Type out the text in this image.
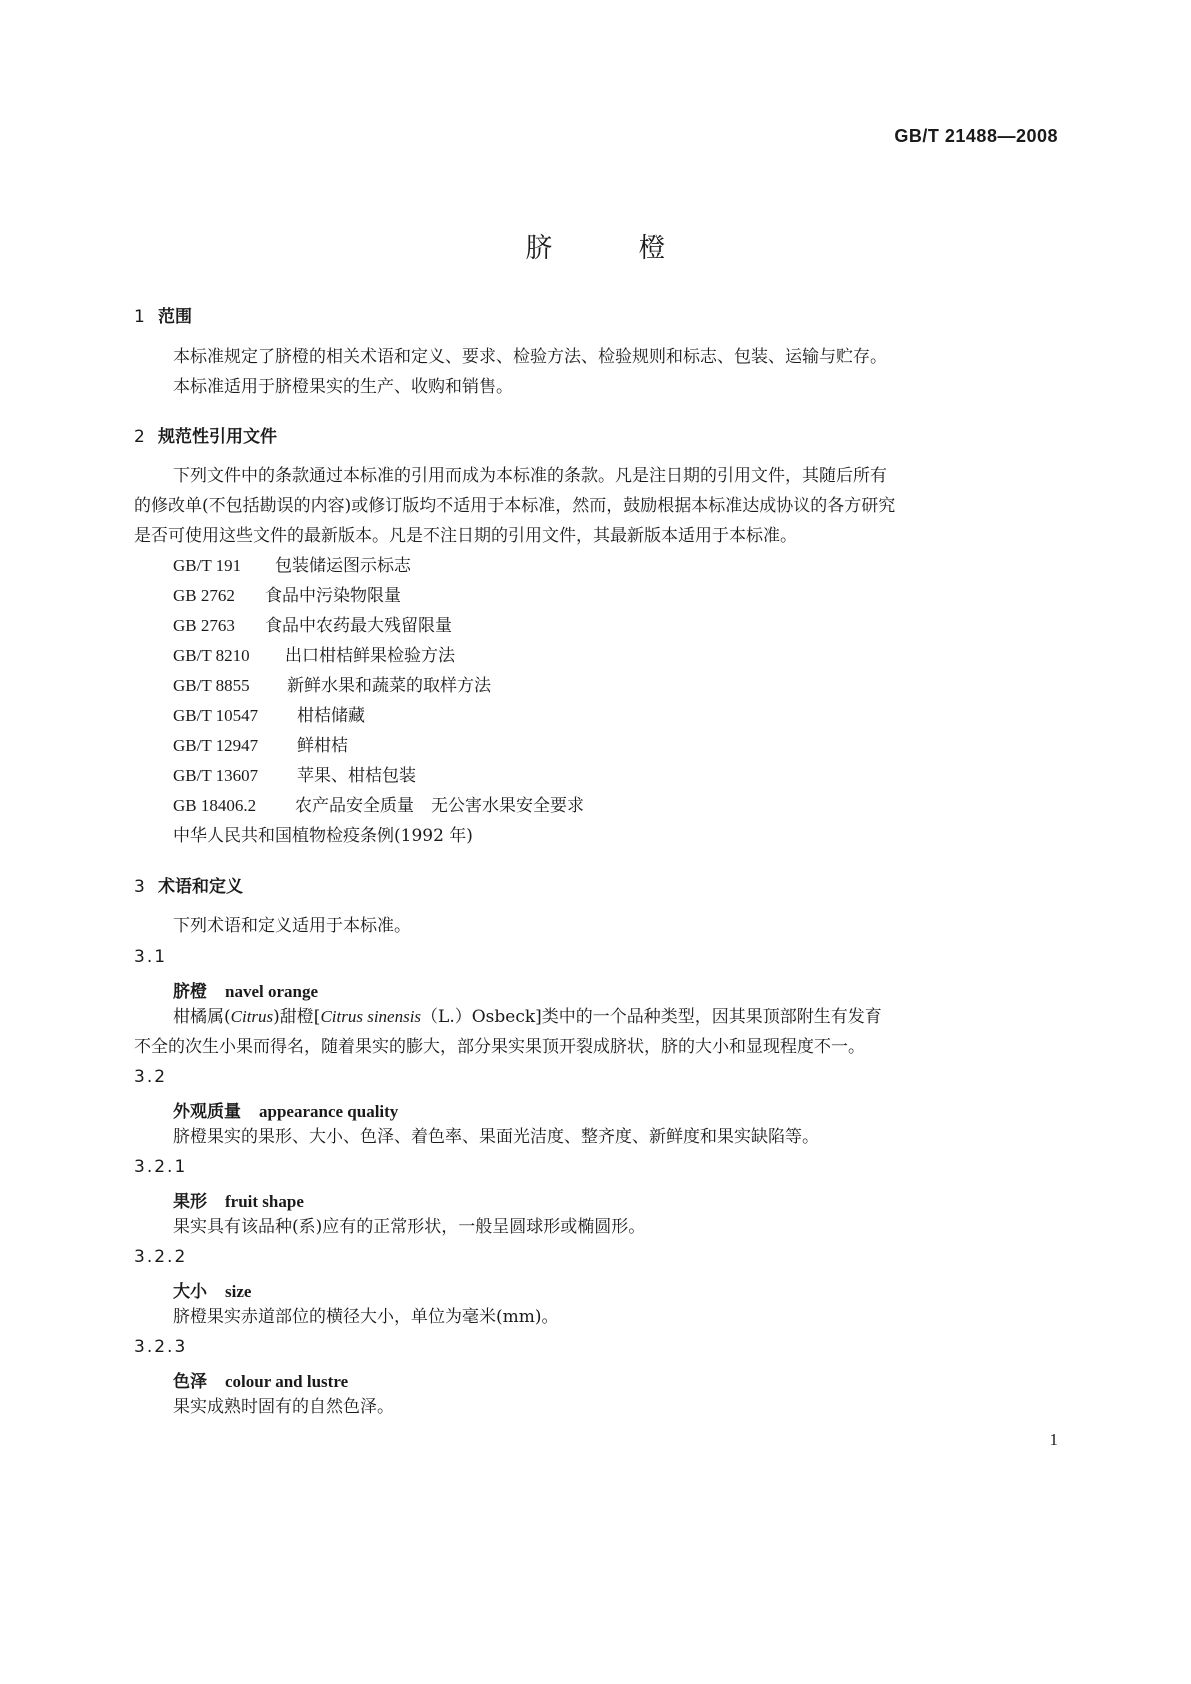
GB/T 21488—2008
脐	橙
1 范围
本标准规定了脐橙的相关术语和定义、要求、检验方法、检验规则和标志、包装、运输与贮存。
本标准适用于脐橙果实的生产、收购和销售。
2 规范性引用文件
下列文件中的条款通过本标准的引用而成为本标准的条款。凡是注日期的引用文件，其随后所有
的修改单(不包括勘误的内容)或修订版均不适用于本标准，然而，鼓励根据本标准达成协议的各方研究
是否可使用这些文件的最新版本。凡是不注日期的引用文件，其最新版本适用于本标准。
GB/T 191 包装储运图示标志
GB 2762 食品中污染物限量
GB 2763 食品中农药最大残留限量
GB/T 8210 出口柑桔鲜果检验方法
GB/T 8855 新鲜水果和蔬菜的取样方法
GB/T 10547 柑桔储藏
GB/T 12947 鲜柑桔
GB/T 13607 苹果、柑桔包装
GB 18406.2 农产品安全质量　无公害水果安全要求
中华人民共和国植物检疫条例(1992 年)
3 术语和定义
下列术语和定义适用于本标准。
3.1
脐橙 navel orange
柑橘属(Citrus)甜橙[Citrus sinensis（L.）Osbeck]类中的一个品种类型，因其果顶部附生有发育
不全的次生小果而得名，随着果实的膨大，部分果实果顶开裂成脐状，脐的大小和显现程度不一。
3.2
外观质量 appearance quality
脐橙果实的果形、大小、色泽、着色率、果面光洁度、整齐度、新鲜度和果实缺陷等。
3.2.1
果形 fruit shape
果实具有该品种(系)应有的正常形状，一般呈圆球形或椭圆形。
3.2.2
大小 size
脐橙果实赤道部位的横径大小，单位为毫米(mm)。
3.2.3
色泽 colour and lustre
果实成熟时固有的自然色泽。
1
